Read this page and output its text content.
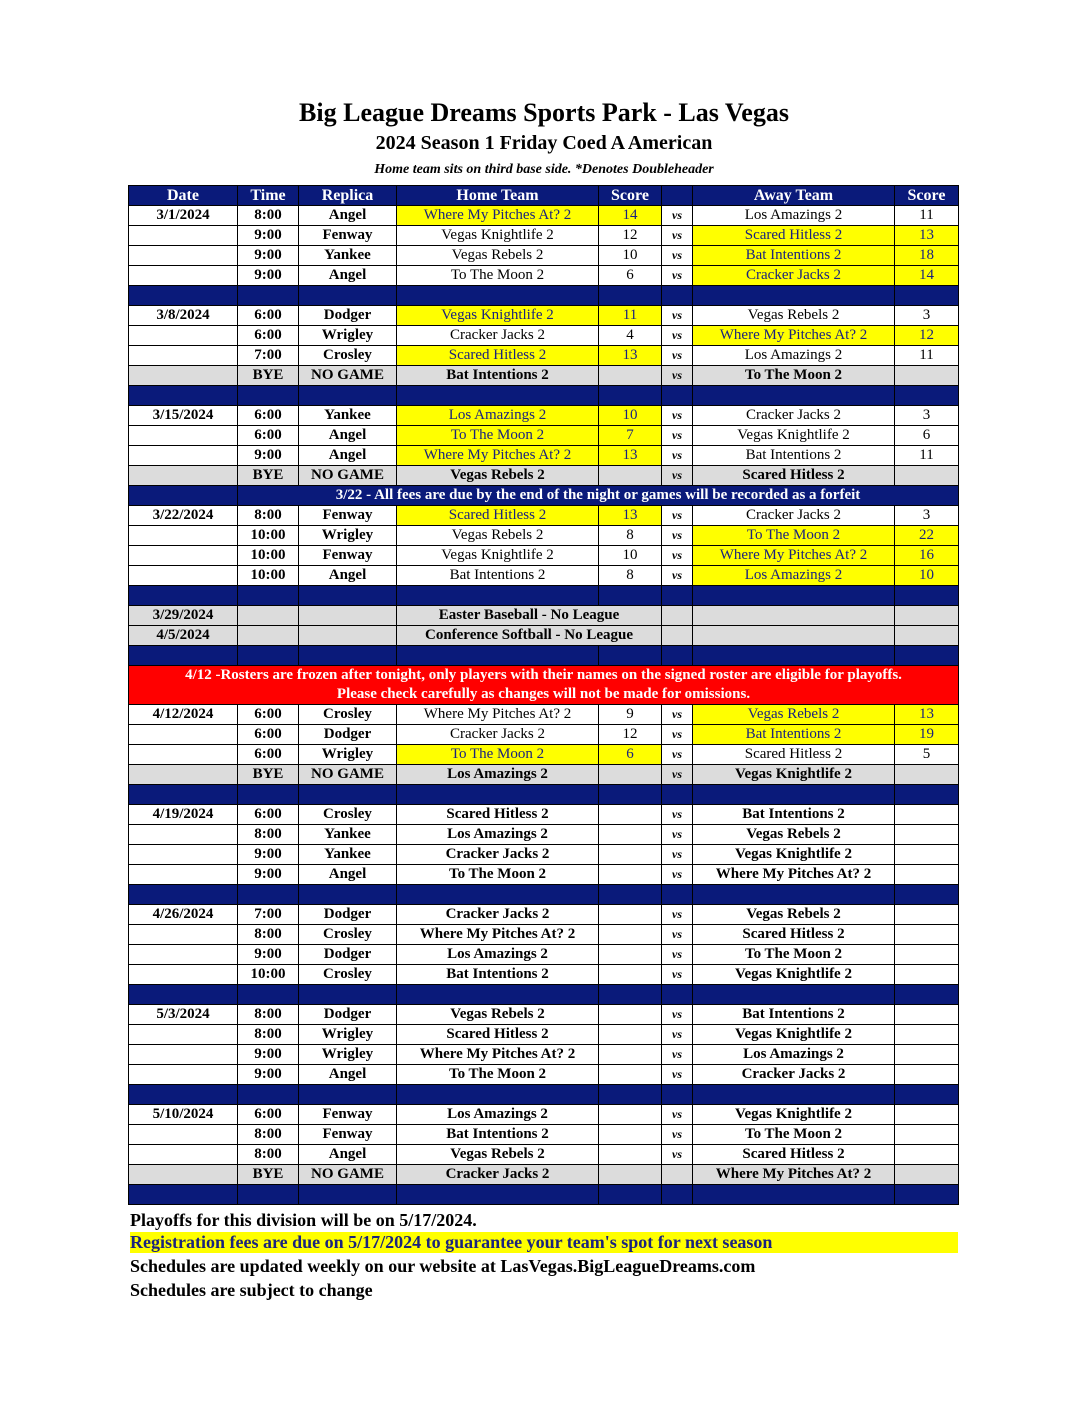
Big League Dreams Sports Park - Las Vegas
2024 Season 1 Friday Coed A American
Home team sits on third base side. *Denotes Doubleheader
Date	Time	Replica	Home Team	Score		Away Team	Score
3/1/2024	8:00	Angel	Where My Pitches At? 2	14	vs	Los Amazings 2	11
	9:00	Fenway	Vegas Knightlife 2	12	vs	Scared Hitless 2	13
	9:00	Yankee	Vegas Rebels 2	10	vs	Bat Intentions 2	18
	9:00	Angel	To The Moon 2	6	vs	Cracker Jacks 2	14

3/8/2024	6:00	Dodger	Vegas Knightlife 2	11	vs	Vegas Rebels 2	3
	6:00	Wrigley	Cracker Jacks 2	4	vs	Where My Pitches At? 2	12
	7:00	Crosley	Scared Hitless 2	13	vs	Los Amazings 2	11
	BYE	NO GAME	Bat Intentions 2		vs	To The Moon 2	

3/15/2024	6:00	Yankee	Los Amazings 2	10	vs	Cracker Jacks 2	3
	6:00	Angel	To The Moon 2	7	vs	Vegas Knightlife 2	6
	9:00	Angel	Where My Pitches At? 2	13	vs	Bat Intentions 2	11
	BYE	NO GAME	Vegas Rebels 2		vs	Scared Hitless 2	
	3/22 - All fees are due by the end of the night or games will be recorded as a forfeit						
3/22/2024	8:00	Fenway	Scared Hitless 2	13	vs	Cracker Jacks 2	3
	10:00	Wrigley	Vegas Rebels 2	8	vs	To The Moon 2	22
	10:00	Fenway	Vegas Knightlife 2	10	vs	Where My Pitches At? 2	16
	10:00	Angel	Bat Intentions 2	8	vs	Los Amazings 2	10

3/29/2024			Easter Baseball - No League				
4/5/2024			Conference Softball - No League				

4/12 -Rosters are frozen after tonight, only players with their names on the signed roster are eligible for playoffs.
Please check carefully as changes will not be made for omissions.							

4/12/2024	6:00	Crosley	Where My Pitches At? 2	9	vs	Vegas Rebels 2	13
	6:00	Dodger	Cracker Jacks 2	12	vs	Bat Intentions 2	19
	6:00	Wrigley	To The Moon 2	6	vs	Scared Hitless 2	5
	BYE	NO GAME	Los Amazings 2		vs	Vegas Knightlife 2	

4/19/2024	6:00	Crosley	Scared Hitless 2		vs	Bat Intentions 2	
	8:00	Yankee	Los Amazings 2		vs	Vegas Rebels 2	
	9:00	Yankee	Cracker Jacks 2		vs	Vegas Knightlife 2	
	9:00	Angel	To The Moon 2		vs	Where My Pitches At? 2	

4/26/2024	7:00	Dodger	Cracker Jacks 2		vs	Vegas Rebels 2	
	8:00	Crosley	Where My Pitches At? 2		vs	Scared Hitless 2	
	9:00	Dodger	Los Amazings 2		vs	To The Moon 2	
	10:00	Crosley	Bat Intentions 2		vs	Vegas Knightlife 2	

5/3/2024	8:00	Dodger	Vegas Rebels 2		vs	Bat Intentions 2	
	8:00	Wrigley	Scared Hitless 2		vs	Vegas Knightlife 2	
	9:00	Wrigley	Where My Pitches At? 2		vs	Los Amazings 2	
	9:00	Angel	To The Moon 2		vs	Cracker Jacks 2	

5/10/2024	6:00	Fenway	Los Amazings 2		vs	Vegas Knightlife 2	
	8:00	Fenway	Bat Intentions 2		vs	To The Moon 2	
	8:00	Angel	Vegas Rebels 2		vs	Scared Hitless 2	
	BYE	NO GAME	Cracker Jacks 2			Where My Pitches At? 2	

Playoffs for this division will be on 5/17/2024.
Registration fees are due on 5/17/2024 to guarantee your team's spot for next season
Schedules are updated weekly on our website at LasVegas.BigLeagueDreams.com
Schedules are subject to change
